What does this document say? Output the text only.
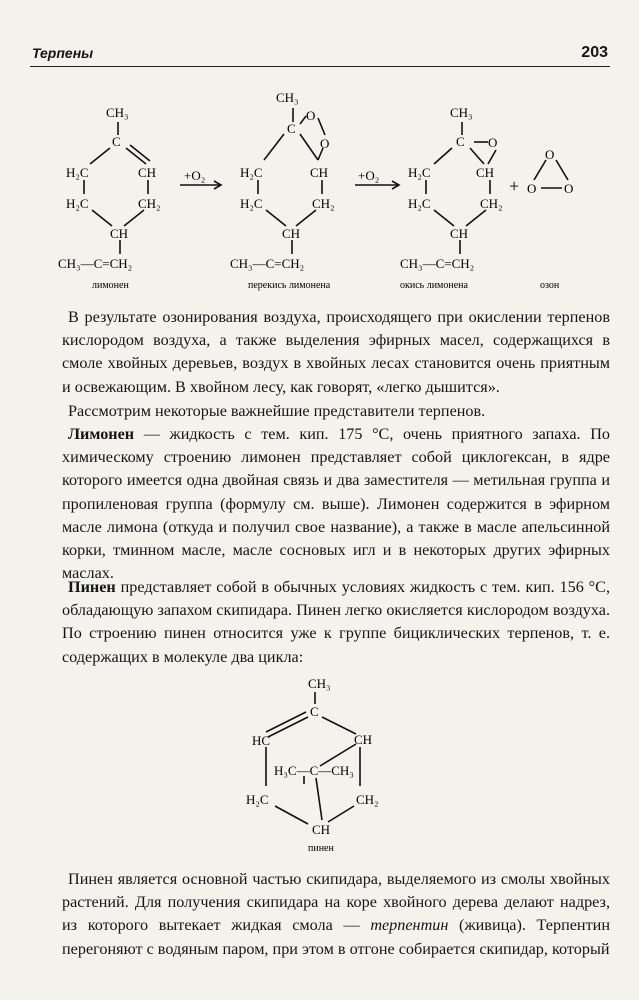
Терпены	203
CH₃
C
H₂C	CH
H₂C	CH₂
CH
CH₃—C=CH₂
лимонен
+O₂
CH₃
C
O
O
H₂C	CH
H₂C	CH₂
CH
CH₃—C=CH₂
перекись лимонена
+O₂
CH₃
C O
H₂C	CH
H₂C	CH₂
CH
CH₃—C=CH₂
окись лимонена
+
O
O O
озон
В результате озонирования воздуха, происходящего при окислении терпенов кислородом воздуха, а также выделения эфирных масел, содержащихся в смоле хвойных деревьев, воздух в хвойных лесах становится очень приятным и освежающим. В хвойном лесу, как говорят, «легко дышится».
Рассмотрим некоторые важнейшие представители терпенов.
Лимонен — жидкость с тем. кип. 175 °С, очень приятного запаха. По химическому строению лимонен представляет собой циклогексан, в ядре которого имеется одна двойная связь и два заместителя — метильная группа и пропиленовая группа (формулу см. выше). Лимонен содержится в эфирном масле лимона (откуда и получил свое название), а также в масле апельсинной корки, тминном масле, масле сосновых игл и в некоторых других эфирных маслах.
Пинен представляет собой в обычных условиях жидкость с тем. кип. 156 °С, обладающую запахом скипидара. Пинен легко окисляется кислородом воздуха. По строению пинен относится уже к группе бициклических терпенов, т. е. содержащих в молекуле два цикла:
CH₃
C
HC	CH
H₃C—C—CH₃
H₂C	CH₂
CH
пинен
Пинен является основной частью скипидара, выделяемого из смолы хвойных растений. Для получения скипидара на коре хвойного дерева делают надрез, из которого вытекает жидкая смола — терпентин (живица). Терпентин перегоняют с водяным паром, при этом в отгоне собирается скипидар, который
